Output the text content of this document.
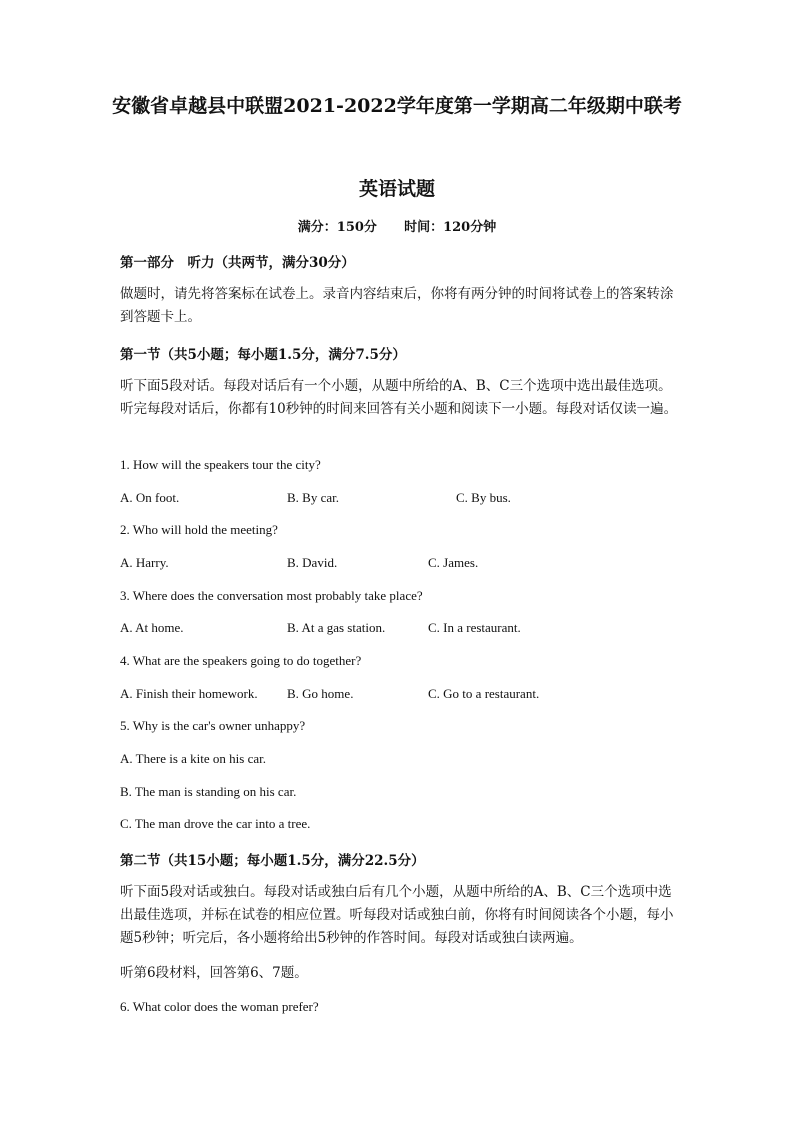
安徽省卓越县中联盟2021-2022学年度第一学期高二年级期中联考
英语试题
满分：150分      时间：120分钟
第一部分　听力（共两节，满分30分）
做题时，请先将答案标在试卷上。录音内容结束后，你将有两分钟的时间将试卷上的答案转涂到答题卡上。
第一节（共5小题；每小题1.5分，满分7.5分）
听下面5段对话。每段对话后有一个小题，从题中所给的A、B、C三个选项中选出最佳选项。听完每段对话后，你都有10秒钟的时间来回答有关小题和阅读下一小题。每段对话仅读一遍。
1. How will the speakers tour the city?
A. On foot.	B. By car.	C. By bus.
2. Who will hold the meeting?
A. Harry.	B. David.	C. James.
3. Where does the conversation most probably take place?
A. At home.	B. At a gas station.	C. In a restaurant.
4. What are the speakers going to do together?
A. Finish their homework. B. Go home.	C. Go to a restaurant.
5. Why is the car's owner unhappy?
A. There is a kite on his car.
B. The man is standing on his car.
C. The man drove the car into a tree.
第二节（共15小题；每小题1.5分，满分22.5分）
听下面5段对话或独白。每段对话或独白后有几个小题，从题中所给的A、B、C三个选项中选出最佳选项，并标在试卷的相应位置。听每段对话或独白前，你将有时间阅读各个小题，每小题5秒钟；听完后，各小题将给出5秒钟的作答时间。每段对话或独白读两遍。
听第6段材料，回答第6、7题。
6. What color does the woman prefer?
